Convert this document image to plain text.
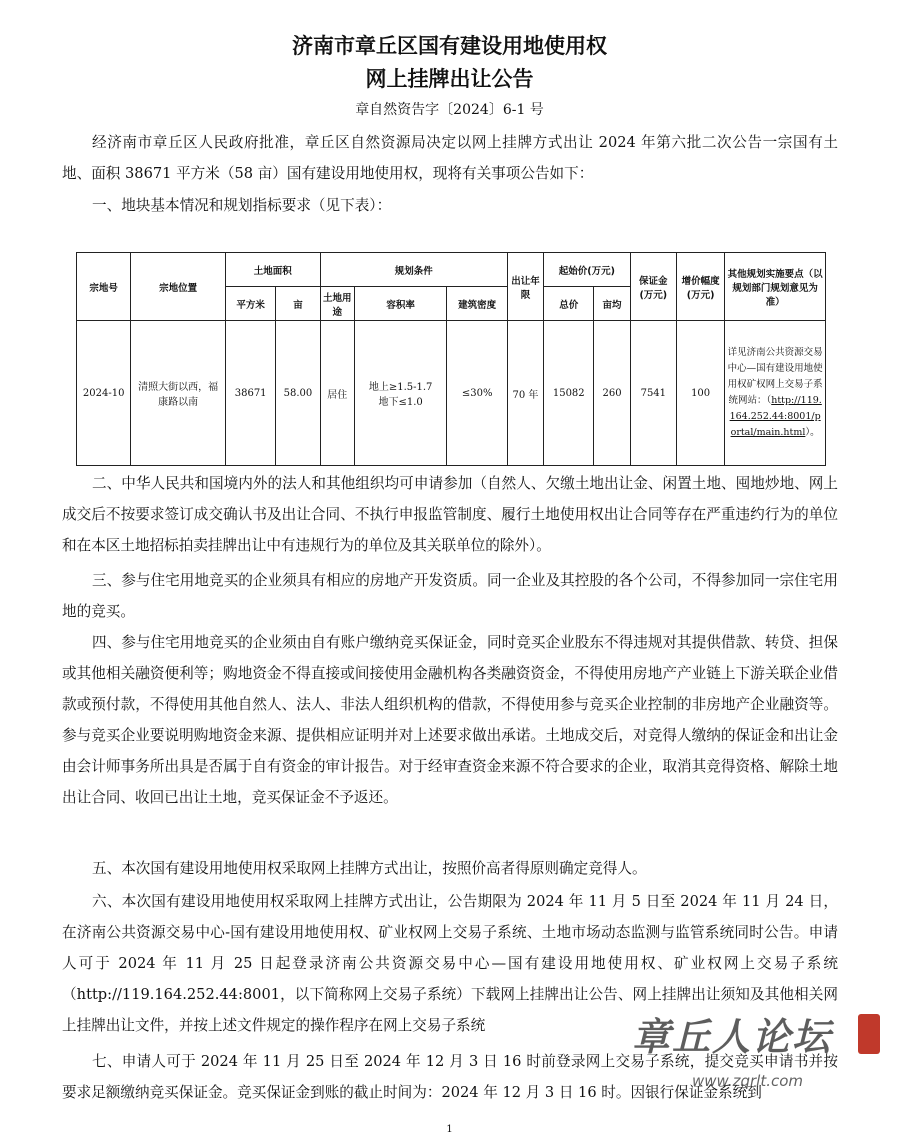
济南市章丘区国有建设用地使用权
网上挂牌出让公告
章自然资告字〔2024〕6-1 号

经济南市章丘区人民政府批准，章丘区自然资源局决定以网上挂牌方式出让 2024 年第六批二次公告一宗国有土地、面积 38671 平方米（58 亩）国有建设用地使用权，现将有关事项公告如下：

一、地块基本情况和规划指标要求（见下表）：

宗地号	宗地位置	土地面积		规划条件			出让年限	起始价(万元)		保证金(万元)	增价幅度(万元)	其他规划实施要点（以规划部门规划意见为准）
		平方米	亩	土地用途	容积率	建筑密度		总价	亩均			
2024-10	清照大街以西，福康路以南	38671	58.00	居住	地上≥1.5-1.7
地下≤1.0	≤30%	70 年	15082	260	7541	100	详见济南公共资源交易中心—国有建设用地使用权矿权网上交易子系统网站：（http://119.164.252.44:8001/portal/main.html）。

二、中华人民共和国境内外的法人和其他组织均可申请参加（自然人、欠缴土地出让金、闲置土地、囤地炒地、网上成交后不按要求签订成交确认书及出让合同、不执行申报监管制度、履行土地使用权出让合同等存在严重违约行为的单位和在本区土地招标拍卖挂牌出让中有违规行为的单位及其关联单位的除外）。

三、参与住宅用地竞买的企业须具有相应的房地产开发资质。同一企业及其控股的各个公司，不得参加同一宗住宅用地的竞买。

四、参与住宅用地竞买的企业须由自有账户缴纳竞买保证金，同时竞买企业股东不得违规对其提供借款、转贷、担保或其他相关融资便利等；购地资金不得直接或间接使用金融机构各类融资资金，不得使用房地产产业链上下游关联企业借款或预付款，不得使用其他自然人、法人、非法人组织机构的借款，不得使用参与竞买企业控制的非房地产企业融资等。参与竞买企业要说明购地资金来源、提供相应证明并对上述要求做出承诺。土地成交后，对竞得人缴纳的保证金和出让金由会计师事务所出具是否属于自有资金的审计报告。对于经审查资金来源不符合要求的企业，取消其竞得资格、解除土地出让合同、收回已出让土地，竞买保证金不予返还。

五、本次国有建设用地使用权采取网上挂牌方式出让，按照价高者得原则确定竞得人。

六、本次国有建设用地使用权采取网上挂牌方式出让，公告期限为 2024 年 11 月 5 日至 2024 年 11 月 24 日，在济南公共资源交易中心-国有建设用地使用权、矿业权网上交易子系统、土地市场动态监测与监管系统同时公告。申请人可于 2024 年 11 月 25 日起登录济南公共资源交易中心—国有建设用地使用权、矿业权网上交易子系统（http://119.164.252.44:8001，以下简称网上交易子系统）下载网上挂牌出让公告、网上挂牌出让须知及其他相关网上挂牌出让文件，并按上述文件规定的操作程序在网上交易子系统

七、申请人可于 2024 年 11 月 25 日至 2024 年 12 月 3 日 16 时前登录网上交易子系统，提交竞买申请书并按要求足额缴纳竞买保证金。竞买保证金到账的截止时间为：2024 年 12 月 3 日 16 时。因银行保证金系统到

1
章丘人论坛
www.zqrlt.com
